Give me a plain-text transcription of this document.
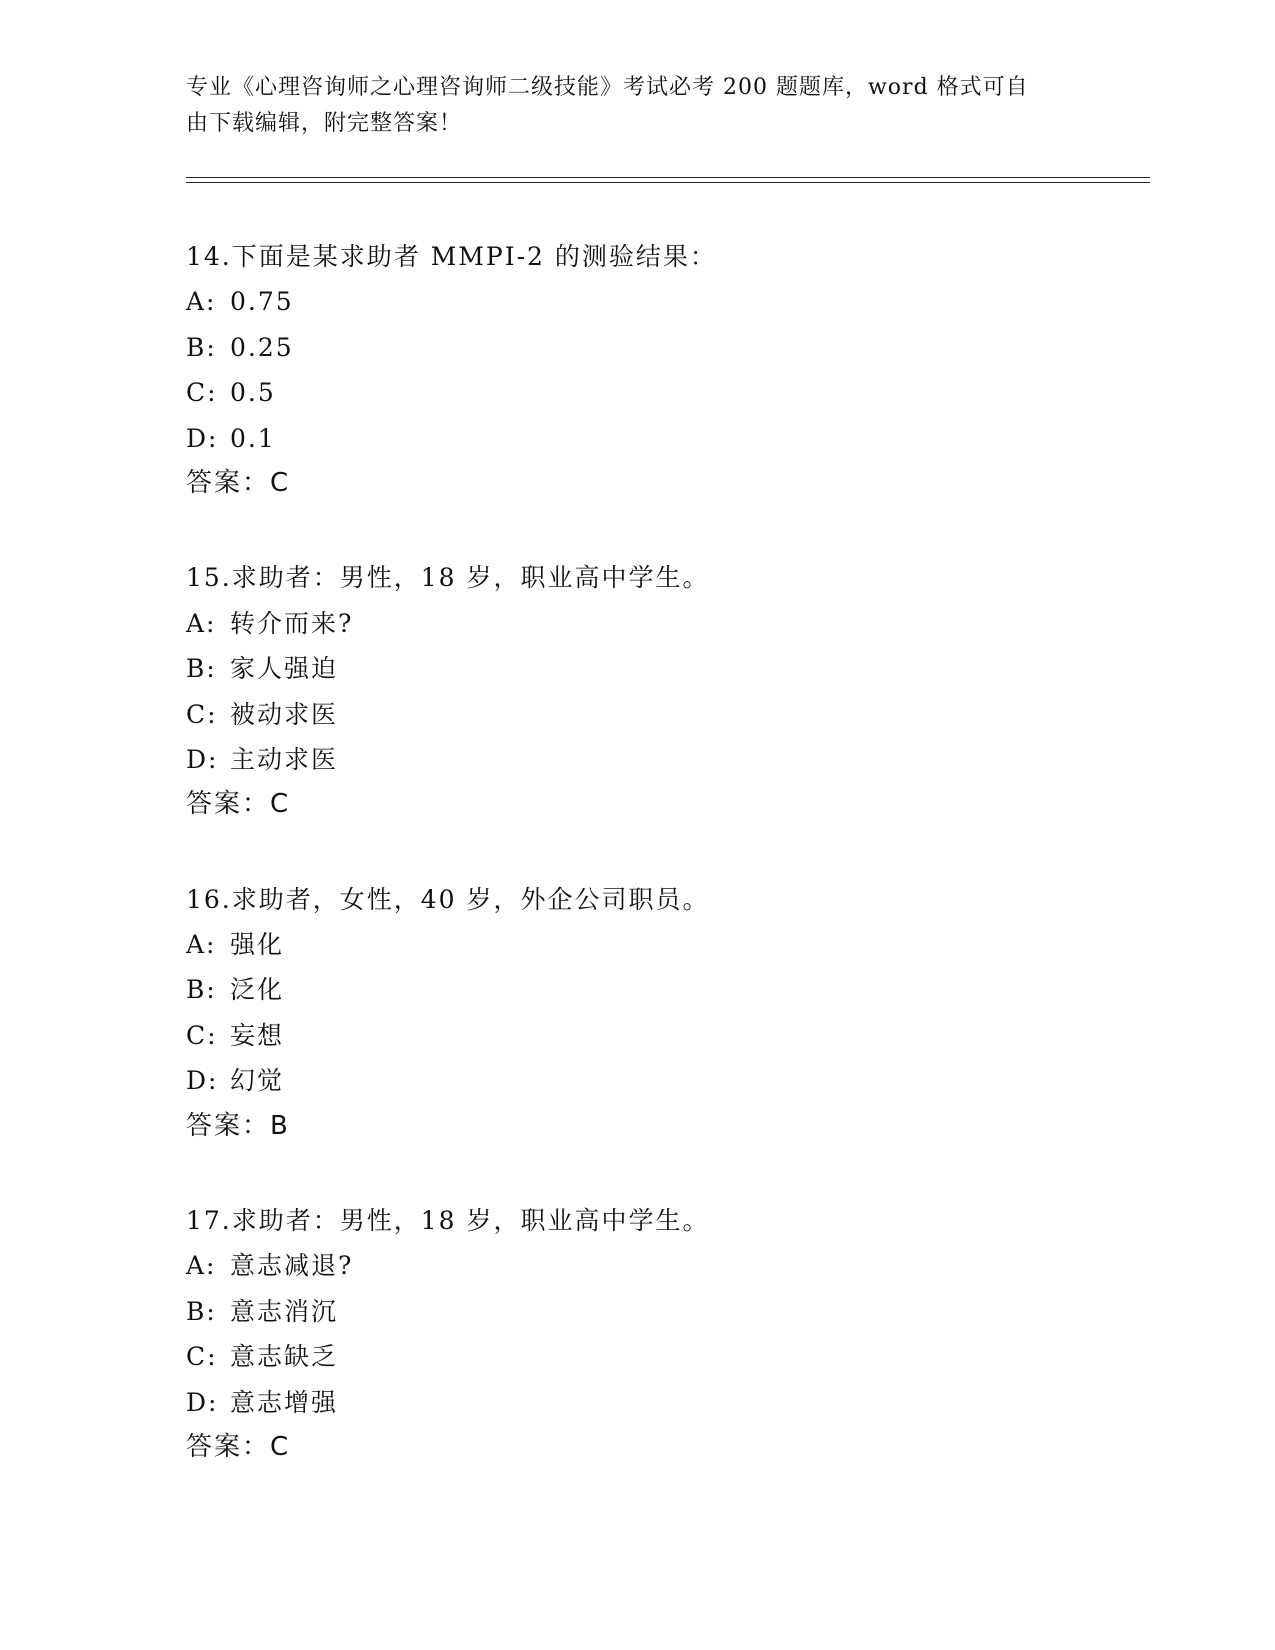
专业《心理咨询师之心理咨询师二级技能》考试必考 200 题题库，word 格式可自
由下载编辑，附完整答案！
14.下面是某求助者 MMPI-2 的测验结果：
A: 0.75
B: 0.25
C: 0.5
D: 0.1
答案：C
15.求助者：男性，18 岁，职业高中学生。
A: 转介而来?
B: 家人强迫
C: 被动求医
D: 主动求医
答案：C
16.求助者，女性，40 岁，外企公司职员。
A: 强化
B: 泛化
C: 妄想
D: 幻觉
答案：B
17.求助者：男性，18 岁，职业高中学生。
A: 意志减退?
B: 意志消沉
C: 意志缺乏
D: 意志增强
答案：C
